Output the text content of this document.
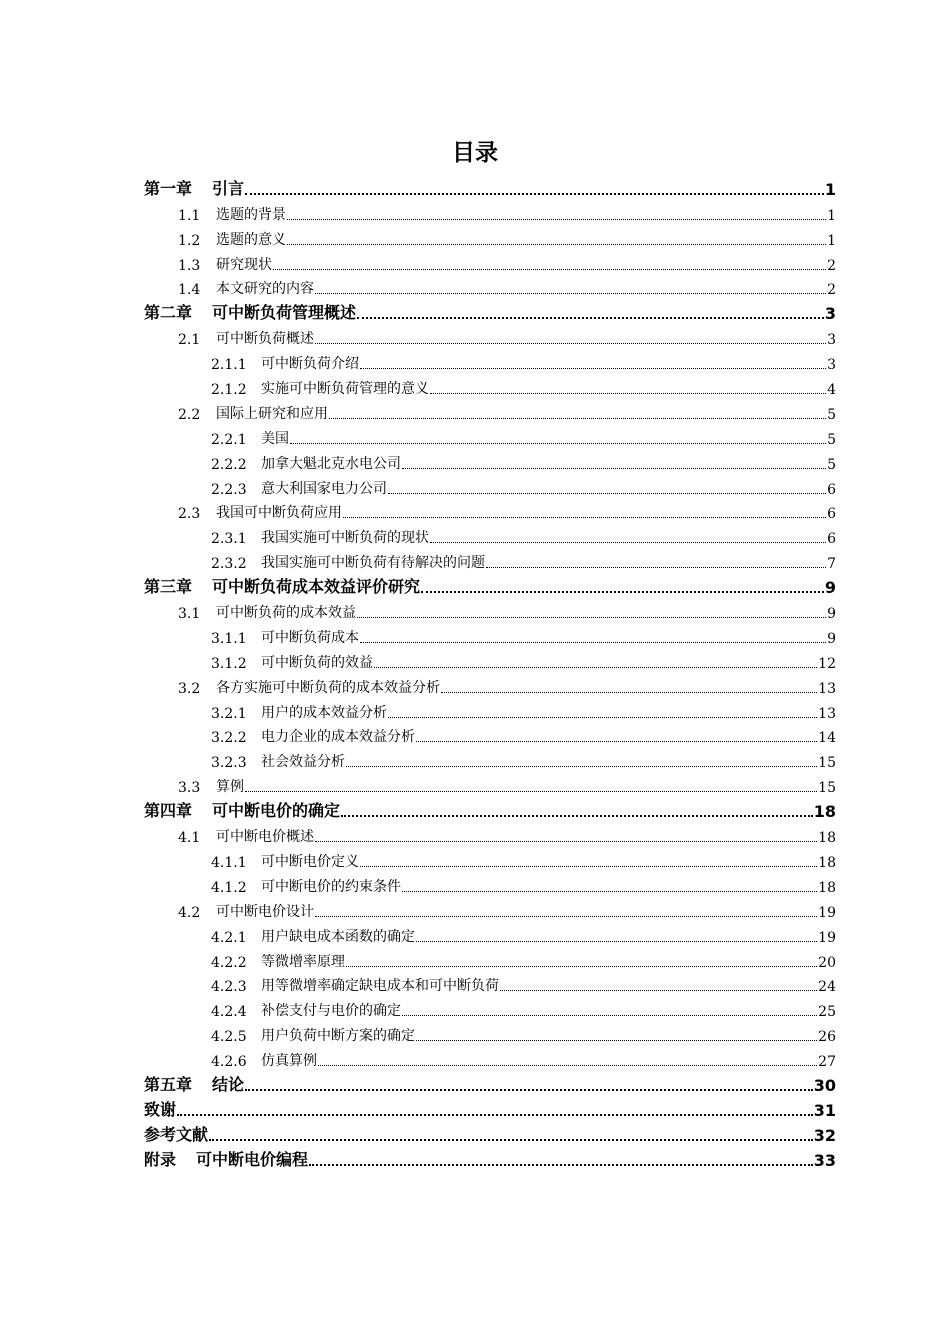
目录
第一章 引言	1
1.1	选题的背景	1
1.2	选题的意义	1
1.3	研究现状	2
1.4	本文研究的内容	2
第二章 可中断负荷管理概述	3
2.1	可中断负荷概述	3
2.1.1	可中断负荷介绍	3
2.1.2	实施可中断负荷管理的意义	4
2.2	国际上研究和应用	5
2.2.1	美国	5
2.2.2	加拿大魁北克水电公司	5
2.2.3	意大利国家电力公司	6
2.3	我国可中断负荷应用	6
2.3.1	我国实施可中断负荷的现状	6
2.3.2	我国实施可中断负荷有待解决的问题	7
第三章 可中断负荷成本效益评价研究	9
3.1	可中断负荷的成本效益	9
3.1.1	可中断负荷成本	9
3.1.2	可中断负荷的效益	12
3.2	各方实施可中断负荷的成本效益分析	13
3.2.1	用户的成本效益分析	13
3.2.2	电力企业的成本效益分析	14
3.2.3	社会效益分析	15
3.3	算例	15
第四章 可中断电价的确定	18
4.1	可中断电价概述	18
4.1.1	可中断电价定义	18
4.1.2	可中断电价的约束条件	18
4.2	可中断电价设计	19
4.2.1	用户缺电成本函数的确定	19
4.2.2	等微增率原理	20
4.2.3	用等微增率确定缺电成本和可中断负荷	24
4.2.4	补偿支付与电价的确定	25
4.2.5	用户负荷中断方案的确定	26
4.2.6	仿真算例	27
第五章 结论	30
致谢	31
参考文献	32
附录 可中断电价编程	33
